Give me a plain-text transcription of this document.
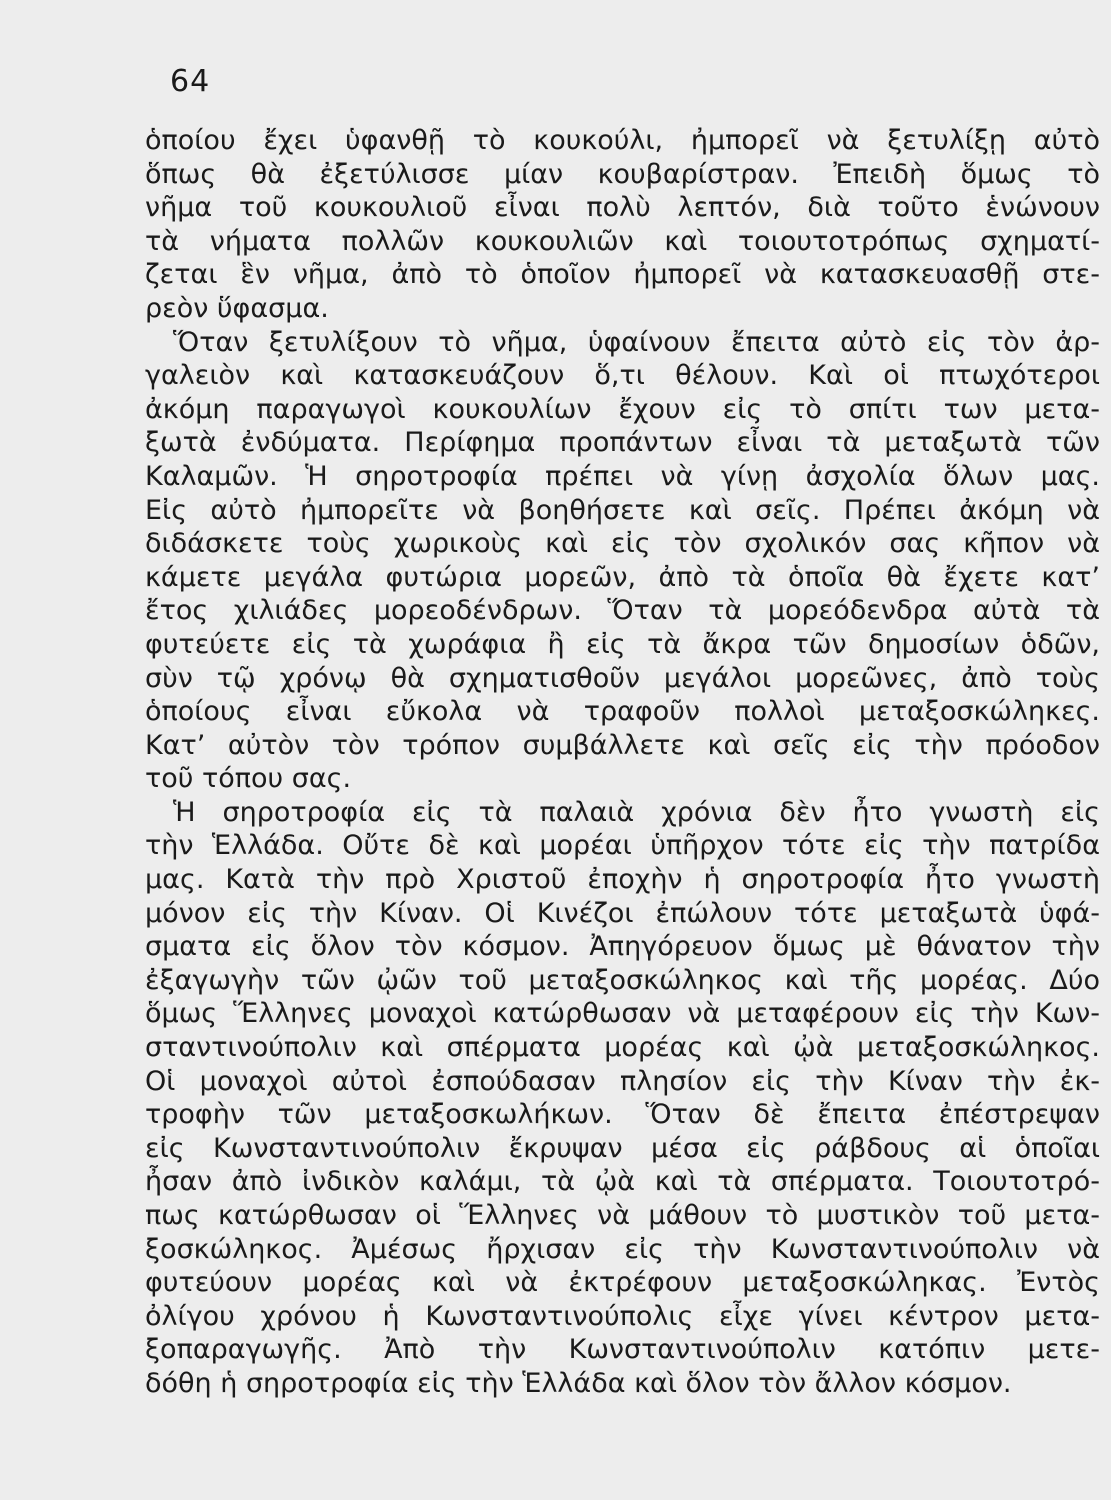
64
ὁποίου ἔχει ὑφανθῇ τὸ κουκούλι, ἠμπορεῖ νὰ ξετυλίξῃ αὐτὸ
ὅπως θὰ ἐξετύλισσε μίαν κουβαρίστραν. Ἐπειδὴ ὅμως τὸ
νῆμα τοῦ κουκουλιοῦ εἶναι πολὺ λεπτόν, διὰ τοῦτο ἑνώνουν
τὰ νήματα πολλῶν κουκουλιῶν καὶ τοιουτοτρόπως σχηματί-
ζεται ἓν νῆμα, ἀπὸ τὸ ὁποῖον ἠμπορεῖ νὰ κατασκευασθῇ στε-
ρεὸν ὕφασμα.
Ὅταν ξετυλίξουν τὸ νῆμα, ὑφαίνουν ἔπειτα αὐτὸ εἰς τὸν ἀρ-
γαλειὸν καὶ κατασκευάζουν ὅ,τι θέλουν. Καὶ οἱ πτωχότεροι
ἀκόμη παραγωγοὶ κουκουλίων ἔχουν εἰς τὸ σπίτι των μετα-
ξωτὰ ἐνδύματα. Περίφημα προπάντων εἶναι τὰ μεταξωτὰ τῶν
Καλαμῶν. Ἡ σηροτροφία πρέπει νὰ γίνῃ ἀσχολία ὅλων μας.
Εἰς αὐτὸ ἠμπορεῖτε νὰ βοηθήσετε καὶ σεῖς. Πρέπει ἀκόμη νὰ
διδάσκετε τοὺς χωρικοὺς καὶ εἰς τὸν σχολικόν σας κῆπον νὰ
κάμετε μεγάλα φυτώρια μορεῶν, ἀπὸ τὰ ὁποῖα θὰ ἔχετε κατ’
ἔτος χιλιάδες μορεοδένδρων. Ὅταν τὰ μορεόδενδρα αὐτὰ τὰ
φυτεύετε εἰς τὰ χωράφια ἢ εἰς τὰ ἄκρα τῶν δημοσίων ὁδῶν,
σὺν τῷ χρόνῳ θὰ σχηματισθοῦν μεγάλοι μορεῶνες, ἀπὸ τοὺς
ὁποίους εἶναι εὔκολα νὰ τραφοῦν πολλοὶ μεταξοσκώληκες.
Κατ’ αὐτὸν τὸν τρόπον συμβάλλετε καὶ σεῖς εἰς τὴν πρόοδον
τοῦ τόπου σας.
Ἡ σηροτροφία εἰς τὰ παλαιὰ χρόνια δὲν ἦτο γνωστὴ εἰς
τὴν Ἑλλάδα. Οὔτε δὲ καὶ μορέαι ὑπῆρχον τότε εἰς τὴν πατρίδα
μας. Κατὰ τὴν πρὸ Χριστοῦ ἐποχὴν ἡ σηροτροφία ἦτο γνωστὴ
μόνον εἰς τὴν Κίναν. Οἱ Κινέζοι ἐπώλουν τότε μεταξωτὰ ὑφά-
σματα εἰς ὅλον τὸν κόσμον. Ἀπηγόρευον ὅμως μὲ θάνατον τὴν
ἐξαγωγὴν τῶν ᾠῶν τοῦ μεταξοσκώληκος καὶ τῆς μορέας. Δύο
ὅμως Ἕλληνες μοναχοὶ κατώρθωσαν νὰ μεταφέρουν εἰς τὴν Κων-
σταντινούπολιν καὶ σπέρματα μορέας καὶ ᾠὰ μεταξοσκώληκος.
Οἱ μοναχοὶ αὐτοὶ ἐσπούδασαν πλησίον εἰς τὴν Κίναν τὴν ἐκ-
τροφὴν τῶν μεταξοσκωλήκων. Ὅταν δὲ ἔπειτα ἐπέστρεψαν
εἰς Κωνσταντινούπολιν ἔκρυψαν μέσα εἰς ράβδους αἱ ὁποῖαι
ἦσαν ἀπὸ ἰνδικὸν καλάμι, τὰ ᾠὰ καὶ τὰ σπέρματα. Τοιουτοτρό-
πως κατώρθωσαν οἱ Ἕλληνες νὰ μάθουν τὸ μυστικὸν τοῦ μετα-
ξοσκώληκος. Ἀμέσως ἤρχισαν εἰς τὴν Κωνσταντινούπολιν νὰ
φυτεύουν μορέας καὶ νὰ ἐκτρέφουν μεταξοσκώληκας. Ἐντὸς
ὀλίγου χρόνου ἡ Κωνσταντινούπολις εἶχε γίνει κέντρον μετα-
ξοπαραγωγῆς. Ἀπὸ τὴν Κωνσταντινούπολιν κατόπιν μετε-
δόθη ἡ σηροτροφία εἰς τὴν Ἑλλάδα καὶ ὅλον τὸν ἄλλον κόσμον.
